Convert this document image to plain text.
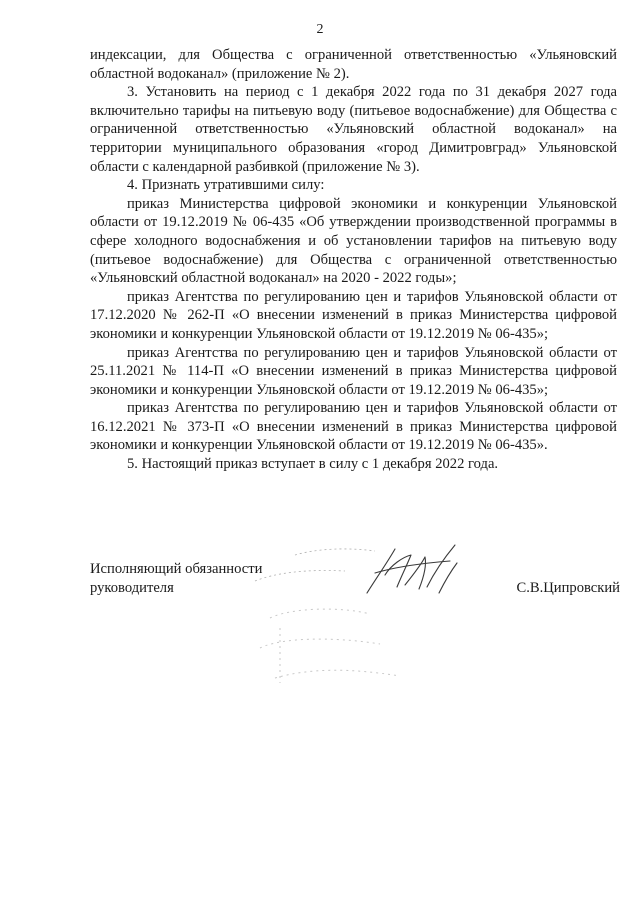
2

индексации, для Общества с ограниченной ответственностью «Ульяновский областной водоканал» (приложение № 2).

3. Установить на период с 1 декабря 2022 года по 31 декабря 2027 года включительно тарифы на питьевую воду (питьевое водоснабжение) для Общества с ограниченной ответственностью «Ульяновский областной водоканал» на территории муниципального образования «город Димитровград» Ульяновской области с календарной разбивкой (приложение № 3).

4. Признать утратившими силу:

приказ Министерства цифровой экономики и конкуренции Ульяновской области от 19.12.2019 № 06-435 «Об утверждении производственной программы в сфере холодного водоснабжения и об установлении тарифов на питьевую воду (питьевое водоснабжение) для Общества с ограниченной ответственностью «Ульяновский областной водоканал» на 2020 - 2022 годы»;

приказ Агентства по регулированию цен и тарифов Ульяновской области от 17.12.2020 № 262-П «О внесении изменений в приказ Министерства цифровой экономики и конкуренции Ульяновской области от 19.12.2019 № 06-435»;

приказ Агентства по регулированию цен и тарифов Ульяновской области от 25.11.2021 № 114-П «О внесении изменений в приказ Министерства цифровой экономики и конкуренции Ульяновской области от 19.12.2019 № 06-435»;

приказ Агентства по регулированию цен и тарифов Ульяновской области от 16.12.2021 № 373-П «О внесении изменений в приказ Министерства цифровой экономики и конкуренции Ульяновской области от 19.12.2019 № 06-435».

5. Настоящий приказ вступает в силу с 1 декабря 2022 года.

Исполняющий обязанности
руководителя	С.В.Ципровский
